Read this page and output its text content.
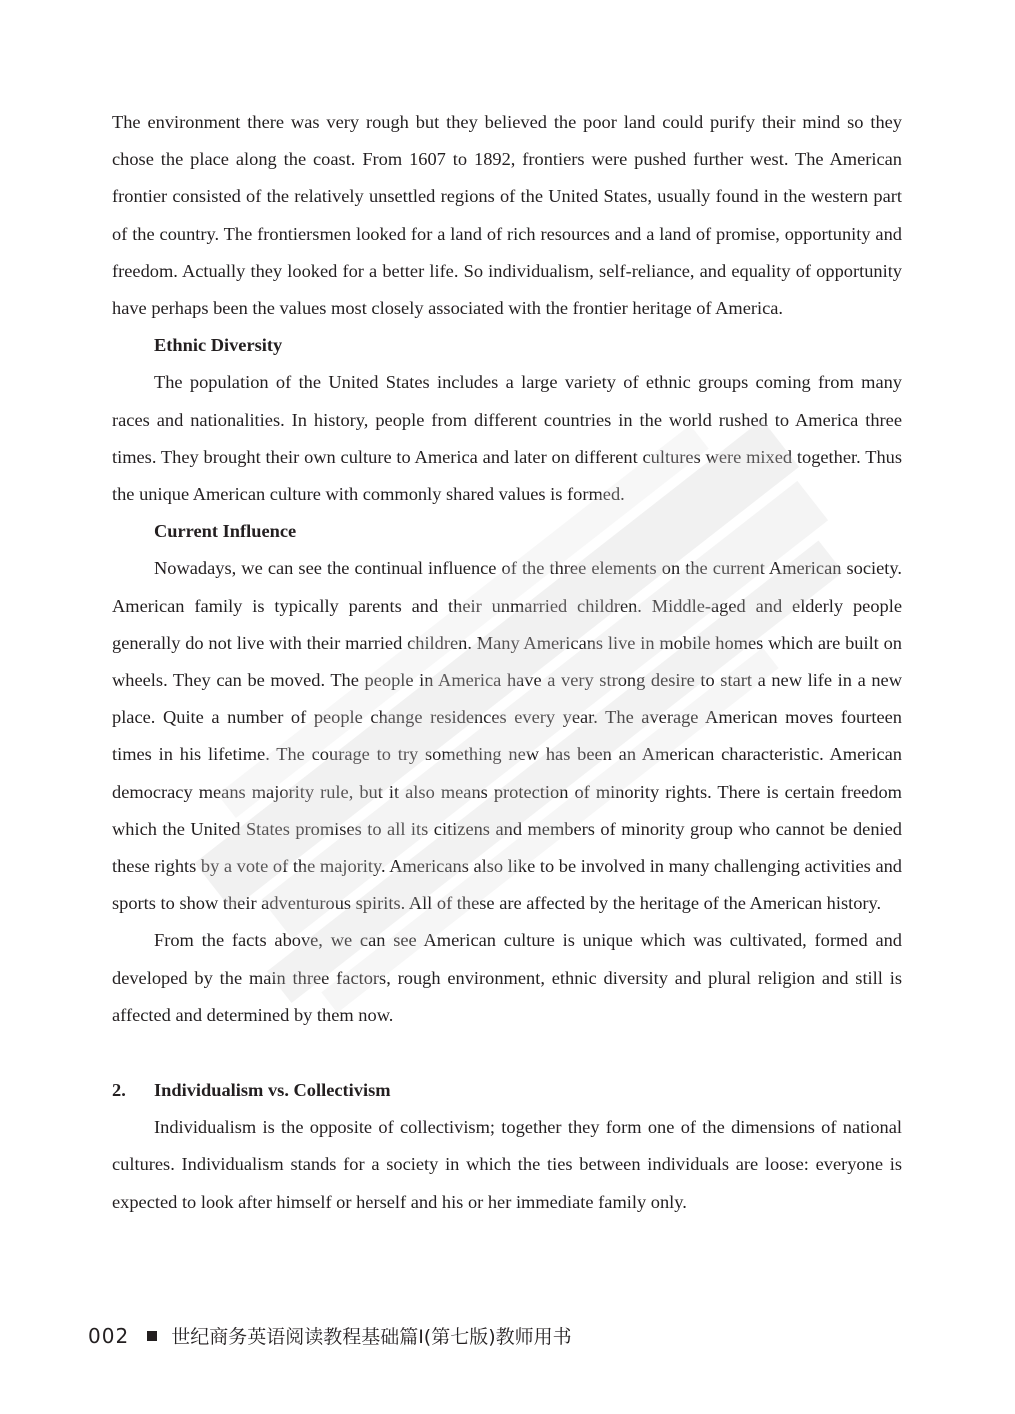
The environment there was very rough but they believed the poor land could purify their mind so they chose the place along the coast. From 1607 to 1892, frontiers were pushed further west. The American frontier consisted of the relatively unsettled regions of the United States, usually found in the western part of the country. The frontiersmen looked for a land of rich resources and a land of promise, opportunity and freedom. Actually they looked for a better life. So individualism, self-reliance, and equality of opportunity have perhaps been the values most closely associated with the frontier heritage of America.

Ethnic Diversity

The population of the United States includes a large variety of ethnic groups coming from many races and nationalities. In history, people from different countries in the world rushed to America three times. They brought their own culture to America and later on different cultures were mixed together. Thus the unique American culture with commonly shared values is formed.

Current Influence

Nowadays, we can see the continual influence of the three elements on the current American society. American family is typically parents and their unmarried children. Middle-aged and elderly people generally do not live with their married children. Many Americans live in mobile homes which are built on wheels. They can be moved. The people in America have a very strong desire to start a new life in a new place. Quite a number of people change residences every year. The average American moves fourteen times in his lifetime. The courage to try something new has been an American characteristic. American democracy means majority rule, but it also means protection of minority rights. There is certain freedom which the United States promises to all its citizens and members of minority group who cannot be denied these rights by a vote of the majority. Americans also like to be involved in many challenging activities and sports to show their adventurous spirits. All of these are affected by the heritage of the American history.

From the facts above, we can see American culture is unique which was cultivated, formed and developed by the main three factors, rough environment, ethnic diversity and plural religion and still is affected and determined by them now.

2.	Individualism vs. Collectivism

Individualism is the opposite of collectivism; together they form one of the dimensions of national cultures. Individualism stands for a society in which the ties between individuals are loose: everyone is expected to look after himself or herself and his or her immediate family only.

002 世纪商务英语阅读教程基础篇Ⅰ(第七版)教师用书
